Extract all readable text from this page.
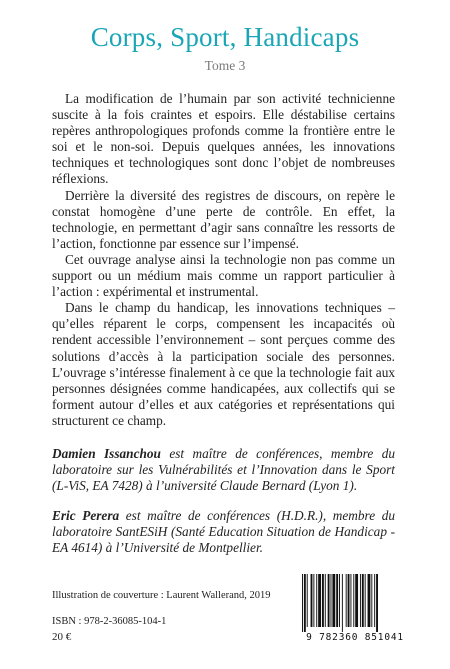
Corps, Sport, Handicaps
Tome 3

La modification de l’humain par son activité technicienne suscite à la fois craintes et espoirs. Elle déstabilise certains repères anthropologiques profonds comme la frontière entre le soi et le non-soi. Depuis quelques années, les innovations techniques et technologiques sont donc l’objet de nombreuses réflexions.

Derrière la diversité des registres de discours, on repère le constat homogène d’une perte de contrôle. En effet, la technologie, en permettant d’agir sans connaître les ressorts de l’action, fonctionne par essence sur l’impensé.

Cet ouvrage analyse ainsi la technologie non pas comme un support ou un médium mais comme un rapport particulier à l’action : expérimental et instrumental.

Dans le champ du handicap, les innovations techniques – qu’elles réparent le corps, compensent les incapacités où rendent accessible l’environnement – sont perçues comme des solutions d’accès à la participation sociale des personnes. L’ouvrage s’intéresse finalement à ce que la technologie fait aux personnes désignées comme handicapées, aux collectifs qui se forment autour d’elles et aux catégories et représentations qui structurent ce champ.

Damien Issanchou est maître de conférences, membre du laboratoire sur les Vulnérabilités et l’Innovation dans le Sport (L-ViS, EA 7428) à l’université Claude Bernard (Lyon 1).

Eric Perera est maître de conférences (H.D.R.), membre du laboratoire SantESiH (Santé Education Situation de Handicap - EA 4614) à l’Université de Montpellier.

Illustration de couverture : Laurent Wallerand, 2019
ISBN : 978-2-36085-104-1
20 €	9 782360 851041
